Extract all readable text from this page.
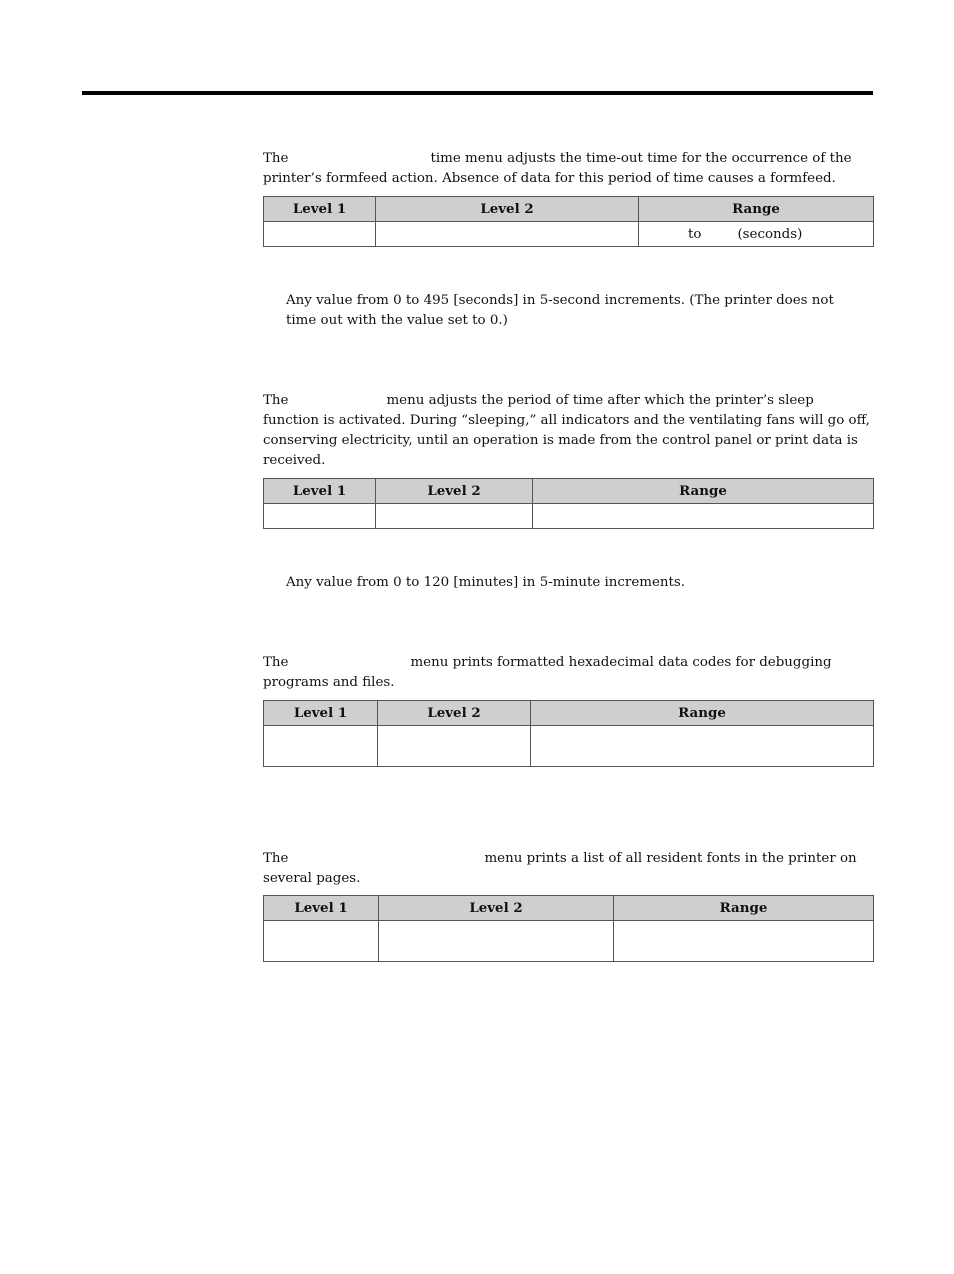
The	time menu adjusts the time-out time for the occurrence of the printer’s formfeed action. Absence of data for this period of time causes a formfeed.

Level 1	Level 2	Range
		to (seconds)

Any value from 0 to 495 [seconds] in 5-second increments. (The printer does not time out with the value set to 0.)

The	menu adjusts the period of time after which the printer’s sleep function is activated. During “sleeping,” all indicators and the ventilating fans will go off, conserving electricity, until an operation is made from the control panel or print data is received.

Level 1	Level 2	Range

Any value from 0 to 120 [minutes] in 5-minute increments.

The	menu prints formatted hexadecimal data codes for debugging programs and files.

Level 1	Level 2	Range

The	menu prints a list of all resident fonts in the printer on several pages.

Level 1	Level 2	Range
